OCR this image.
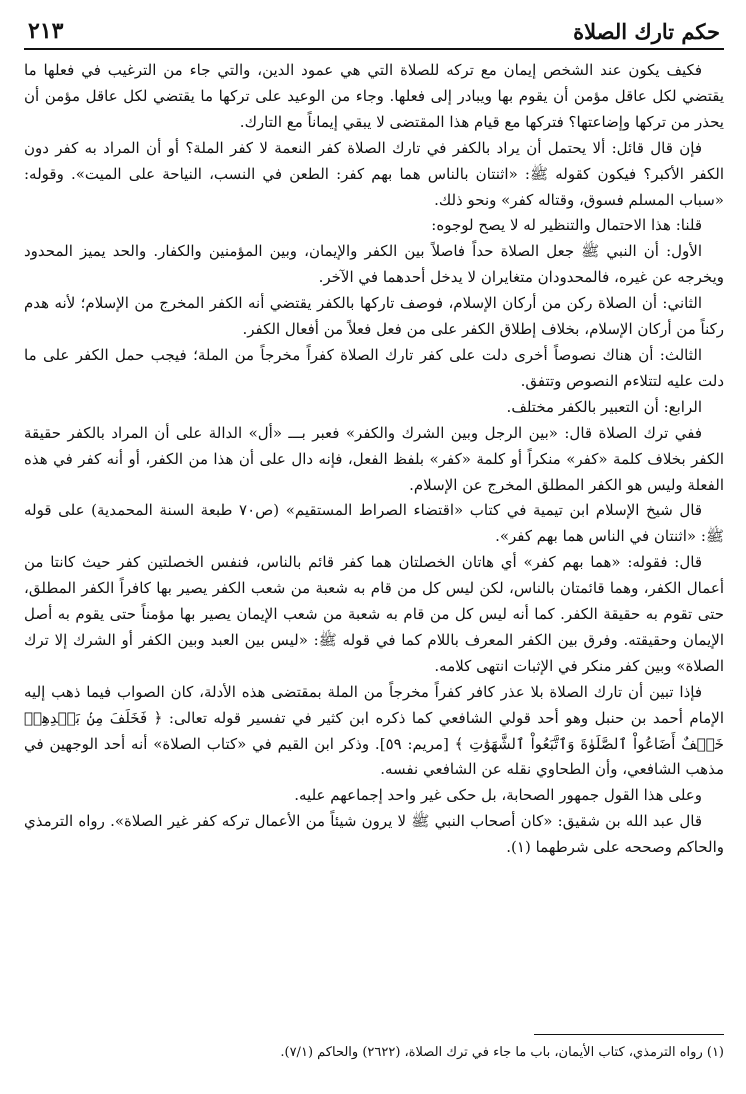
حكم تارك الصلاة
٢١٣

فكيف يكون عند الشخص إيمان مع تركه للصلاة التي هي عمود الدين، والتي جاء من الترغيب في فعلها ما يقتضي لكل عاقل مؤمن أن يقوم بها ويبادر إلى فعلها. وجاء من الوعيد على تركها ما يقتضي لكل عاقل مؤمن أن يحذر من تركها وإضاعتها؟ فتركها مع قيام هذا المقتضى لا يبقي إيماناً مع التارك.

فإن قال قائل: ألا يحتمل أن يراد بالكفر في تارك الصلاة كفر النعمة لا كفر الملة؟ أو أن المراد به كفر دون الكفر الأكبر؟ فيكون كقوله ﷺ: «اثنتان بالناس هما بهم كفر: الطعن في النسب، النياحة على الميت». وقوله: «سباب المسلم فسوق، وقتاله كفر» ونحو ذلك.

قلنا: هذا الاحتمال والتنظير له لا يصح لوجوه:

الأول: أن النبي ﷺ جعل الصلاة حداً فاصلاً بين الكفر والإيمان، وبين المؤمنين والكفار. والحد يميز المحدود ويخرجه عن غيره، فالمحدودان متغايران لا يدخل أحدهما في الآخر.

الثاني: أن الصلاة ركن من أركان الإسلام، فوصف تاركها بالكفر يقتضي أنه الكفر المخرج من الإسلام؛ لأنه هدم ركناً من أركان الإسلام، بخلاف إطلاق الكفر على من فعل فعلاً من أفعال الكفر.

الثالث: أن هناك نصوصاً أخرى دلت على كفر تارك الصلاة كفراً مخرجاً من الملة؛ فيجب حمل الكفر على ما دلت عليه لتتلاءم النصوص وتتفق.

الرابع: أن التعبير بالكفر مختلف.

ففي ترك الصلاة قال: «بين الرجل وبين الشرك والكفر» فعبر بـــ «أل» الدالة على أن المراد بالكفر حقيقة الكفر بخلاف كلمة «كفر» منكراً أو كلمة «كفر» بلفظ الفعل، فإنه دال على أن هذا من الكفر، أو أنه كفر في هذه الفعلة وليس هو الكفر المطلق المخرج عن الإسلام.

قال شيخ الإسلام ابن تيمية في كتاب «اقتضاء الصراط المستقيم» (ص٧٠ طبعة السنة المحمدية) على قوله ﷺ: «اثنتان في الناس هما بهم كفر».

قال: فقوله: «هما بهم كفر» أي هاتان الخصلتان هما كفر قائم بالناس، فنفس الخصلتين كفر حيث كانتا من أعمال الكفر، وهما قائمتان بالناس، لكن ليس كل من قام به شعبة من شعب الكفر يصير بها كافراً الكفر المطلق، حتى تقوم به حقيقة الكفر. كما أنه ليس كل من قام به شعبة من شعب الإيمان يصير بها مؤمناً حتى يقوم به أصل الإيمان وحقيقته. وفرق بين الكفر المعرف باللام كما في قوله ﷺ: «ليس بين العبد وبين الكفر أو الشرك إلا ترك الصلاة» وبين كفر منكر في الإثبات انتهى كلامه.

فإذا تبين أن تارك الصلاة بلا عذر كافر كفراً مخرجاً من الملة بمقتضى هذه الأدلة، كان الصواب فيما ذهب إليه الإمام أحمد بن حنبل وهو أحد قولي الشافعي كما ذكره ابن كثير في تفسير قوله تعالى: ﴿ فَخَلَفَ مِنۢ بَعۡدِهِمۡ خَلۡفٌ أَضَاعُواْ ٱلصَّلَوٰةَ وَٱتَّبَعُواْ ٱلشَّهَوَٰتِ ﴾ [مريم: ٥٩]. وذكر ابن القيم في «كتاب الصلاة» أنه أحد الوجهين في مذهب الشافعي، وأن الطحاوي نقله عن الشافعي نفسه.

وعلى هذا القول جمهور الصحابة، بل حكى غير واحد إجماعهم عليه.

قال عبد الله بن شقيق: «كان أصحاب النبي ﷺ لا يرون شيئاً من الأعمال تركه كفر غير الصلاة». رواه الترمذي والحاكم وصححه على شرطهما (١).

(١) رواه الترمذي، كتاب الأيمان، باب ما جاء في ترك الصلاة، (٢٦٢٢) والحاكم (٧/١).
